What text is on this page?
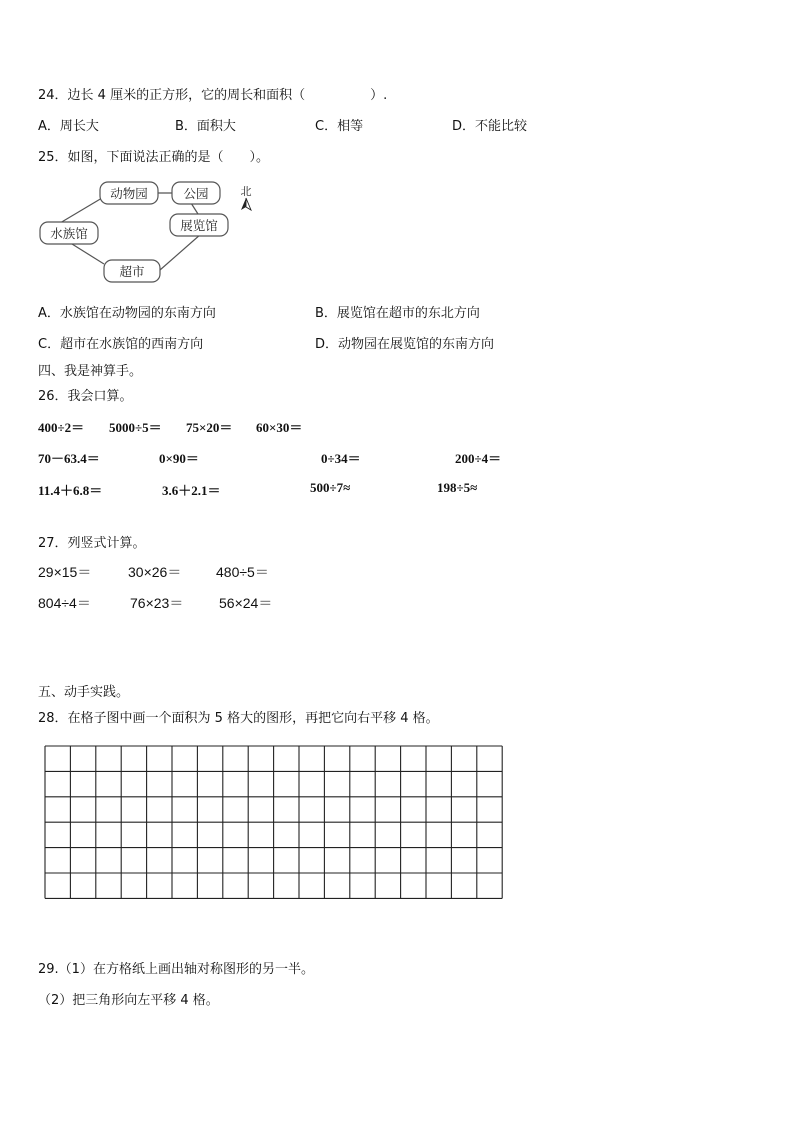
24．边长 4 厘米的正方形，它的周长和面积（　　　　　）.
A．周长大	B．面积大	C．相等	D．不能比较
25．如图，下面说法正确的是（　　）。
动物园	公园
展览馆
水族馆
超市
北
A．水族馆在动物园的东南方向	B．展览馆在超市的东北方向
C．超市在水族馆的西南方向	D．动物园在展览馆的东南方向
四、我是神算手。
26．我会口算。
400÷2＝ 5000÷5＝ 75×20＝ 60×30＝
70－63.4＝	0×90＝	0÷34＝	200÷4＝
11.4＋6.8＝	3.6＋2.1＝	500÷7≈	198÷5≈
27．列竖式计算。
29×15＝	30×26＝ 480÷5＝
804÷4＝	76×23＝	56×24＝
五、动手实践。
28．在格子图中画一个面积为 5 格大的图形，再把它向右平移 4 格。
29.（1）在方格纸上画出轴对称图形的另一半。
（2）把三角形向左平移 4 格。
